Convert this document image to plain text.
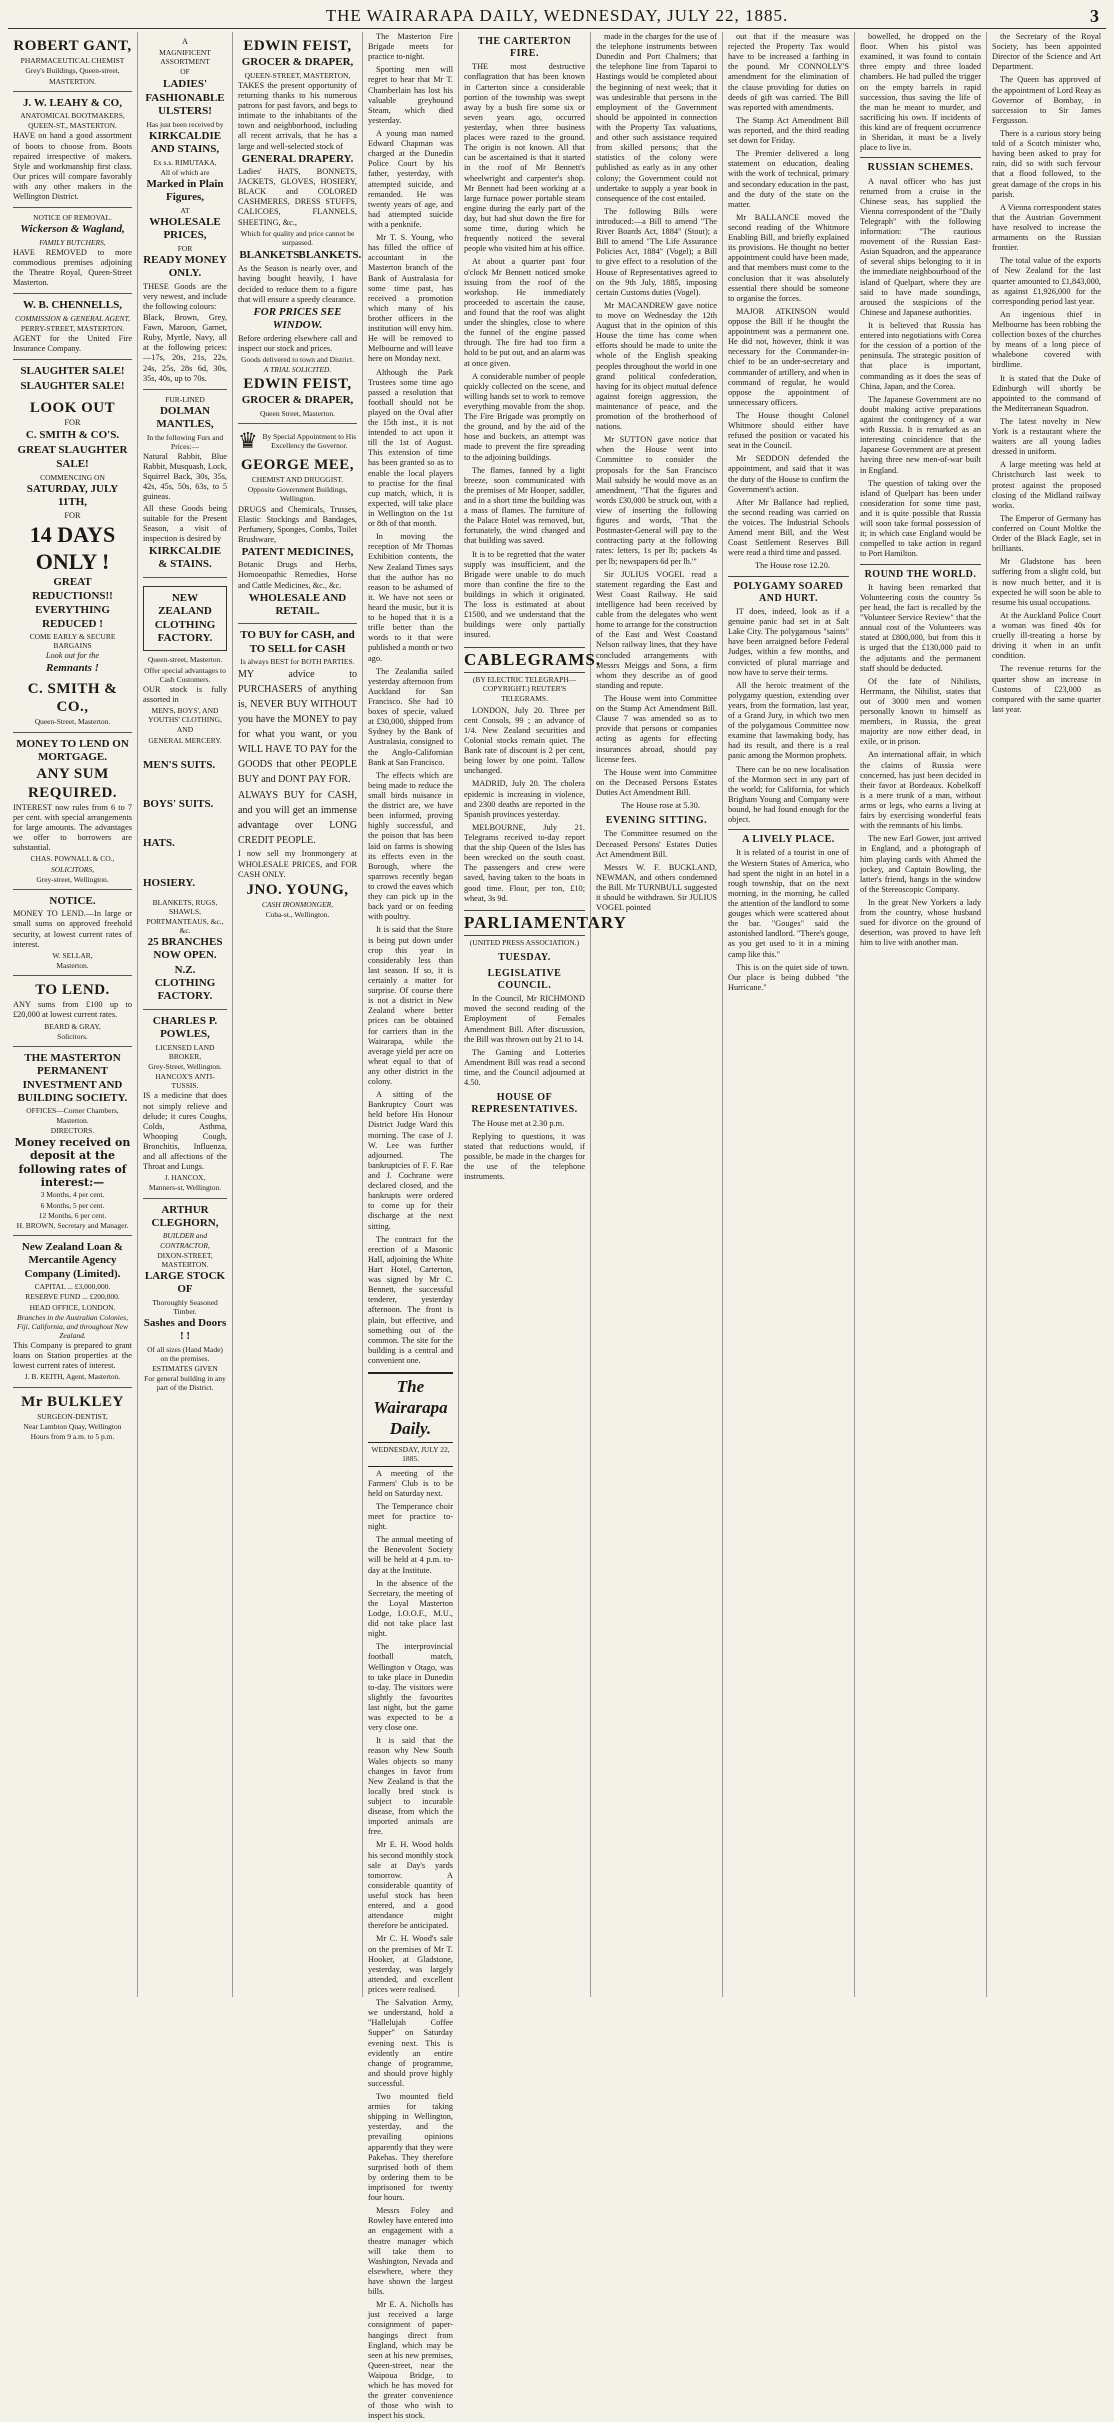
THE WAIRARAPA DAILY, WEDNESDAY, JULY 22, 1885.	3

ROBERT GANT,

PHARMACEUTICAL CHEMIST

Grey's Buildings, Queen-street,

MASTERTON.

J. W. LEAHY & CO,

ANATOMICAL BOOTMAKERS,

QUEEN-ST., MASTERTON.

HAVE on hand a good assortment of boots to choose from. Boots repaired irrespective of makers. Style and workmanship first class. Our prices will compare favorably with any other makers in the Wellington District.

NOTICE OF REMOVAL.

Wickerson & Wagland,

FAMILY BUTCHERS,

HAVE REMOVED to more commodious premises adjoining the Theatre Royal, Queen-Street Masterton.

W. B. CHENNELLS,

COMMISSION & GENERAL AGENT,

PERRY-STREET, MASTERTON.

AGENT for the United Fire Insurance Company.

SLAUGHTER SALE!

SLAUGHTER SALE!

LOOK OUT

FOR

C. SMITH & CO'S.

GREAT SLAUGHTER

SALE!

COMMENCING ON

SATURDAY, JULY 11TH,

FOR

14 DAYS ONLY !

GREAT REDUCTIONS!!

EVERYTHING REDUCED !

COME EARLY & SECURE BARGAINS

Look out for the

Remnants !

C. SMITH & CO.,

Queen-Street, Masterton.

MONEY TO LEND ON MORTGAGE.

ANY SUM REQUIRED.

INTEREST now rules from 6 to 7 per cent. with special arrangements for large amounts. The advantages we offer to borrowers are substantial.

CHAS. POWNALL & CO.,

SOLICITORS,

Grey-street, Wellington.

NOTICE.

MONEY TO LEND.—In large or small sums on approved freehold security, at lowest current rates of interest.

W. SELLAR,

Masterton.

TO LEND.

ANY sums from £100 up to £20,000 at lowest current rates.

BEARD & GRAY,

Solicitors.

THE MASTERTON PERMANENT INVESTMENT AND BUILDING SOCIETY.

OFFICES—Corner Chambers, Masterton.

DIRECTORS.

Money received on deposit at the following rates of interest:—

3 Months, 4 per cent.

6 Months, 5 per cent.

12 Months, 6 per cent.

H. BROWN, Secretary and Manager.

New Zealand Loan & Mercantile Agency Company (Limited).

CAPITAL ... £3,000,000.

RESERVE FUND ... £200,000.

HEAD OFFICE, LONDON.

Branches in the Australian Colonies, Fiji, California, and throughout New Zealand.

This Company is prepared to grant loans on Station properties at the lowest current rates of interest.

J. B. KEITH, Agent, Masterton.

Mr BULKLEY

SURGEON-DENTIST,

Near Lambton Quay, Wellington

Hours from 9 a.m. to 5 p.m.

A

MAGNIFICENT ASSORTMENT

OF

LADIES'

FASHIONABLE ULSTERS!

Has just been received by

KIRKCALDIE AND STAINS,

Ex s.s. RIMUTAKA,

All of which are

Marked in Plain Figures,

AT

WHOLESALE PRICES,

FOR

READY MONEY ONLY.

THESE Goods are the very newest, and include the following colours:

Black, Brown, Grey, Fawn, Maroon, Garnet, Ruby, Myrtle, Navy, all at the following prices:—17s, 20s, 21s, 22s, 24s, 25s, 28s 6d, 30s, 35s, 40s, up to 70s.

FUR-LINED

DOLMAN MANTLES,

In the following Furs and Prices:—

Natural Rabbit, Blue Rabbit, Musquash, Lock, Squirrel Back, 30s, 35s, 42s, 45s, 50s, 63s, to 5 guineas.

All these Goods being suitable for the Present Season, a visit of inspection is desired by

KIRKCALDIE & STAINS.

NEW ZEALAND CLOTHING FACTORY.

Queen-street, Masterton.

Offer special advantages to Cash Customers.

OUR stock is fully assorted in

MEN'S, BOYS', AND YOUTHS' CLOTHING,

AND

GENERAL MERCERY.

MEN'S SUITS.

BOYS' SUITS.

HATS.

HOSIERY.

BLANKETS, RUGS, SHAWLS, PORTMANTEAUS, &c., &c.

25 BRANCHES NOW OPEN.

N.Z. CLOTHING FACTORY.

CHARLES P. POWLES,

LICENSED LAND BROKER,

Grey-Street, Wellington.

HANCOX'S ANTI-TUSSIS.

IS a medicine that does not simply relieve and delude; it cures Coughs, Colds, Asthma, Whooping Cough, Bronchitis, Influenza, and all affections of the Throat and Lungs.

J. HANCOX,

Manners-st, Wellington.

ARTHUR CLEGHORN,

BUILDER and CONTRACTOR,

DIXON-STREET, MASTERTON.

LARGE STOCK OF

Thoroughly Seasoned Timber.

Sashes and Doors ! !

Of all sizes (Hand Made) on the premises.

ESTIMATES GIVEN

For general building in any part of the District.

EDWIN FEIST,

GROCER & DRAPER,

QUEEN-STREET, MASTERTON,

TAKES the present opportunity of returning thanks to his numerous patrons for past favors, and begs to intimate to the inhabitants of the town and neighborhood, including all recent arrivals, that he has a large and well-selected stock of

GENERAL DRAPERY.

Ladies' HATS, BONNETS, JACKETS, GLOVES, HOSIERY, BLACK and COLORED CASHMERES, DRESS STUFFS, CALICOES, FLANNELS, SHEETING, &c.,

Which for quality and price cannot be surpassed.

BLANKETS.

BLANKETS.

As the Season is nearly over, and having bought heavily, I have decided to reduce them to a figure that will ensure a speedy clearance.

FOR PRICES SEE WINDOW.

Before ordering elsewhere call and inspect our stock and prices.

Goods delivered to town and District.

A TRIAL SOLICITED.

EDWIN FEIST,

GROCER & DRAPER,

Queen Street, Masterton.

♛ By Special Appointment to His Excellency the Governor.

GEORGE MEE,

CHEMIST AND DRUGGIST.

Opposite Government Buildings, Wellington.

DRUGS and Chemicals, Trusses, Elastic Stockings and Bandages, Perfumery, Sponges, Combs, Toilet Brushware,

PATENT MEDICINES,

Botanic Drugs and Herbs, Homoeopathic Remedies, Horse and Cattle Medicines, &c., &c.

WHOLESALE AND RETAIL.

TO BUY for CASH, and TO SELL for CASH

Is always BEST for BOTH PARTIES.

MY advice to PURCHASERS of anything is, NEVER BUY WITHOUT you have the MONEY to pay for what you want, or you WILL HAVE TO PAY for the GOODS that other PEOPLE BUY and DONT PAY FOR.

ALWAYS BUY for CASH, and you will get an immense advantage over LONG CREDIT PEOPLE.

I now sell my Ironmongery at WHOLESALE PRICES, and FOR CASH ONLY.

JNO. YOUNG,

CASH IRONMONGER,

Cuba-st., Wellington.

The Masterton Fire Brigade meets for practice to-night.

Sporting men will regret to hear that Mr T. Chamberlain has lost his valuable greyhound Steam, which died yesterday.

A young man named Edward Chapman was charged at the Dunedin Police Court by his father, yesterday, with attempted suicide, and remanded. He was twenty years of age, and had attempted suicide with a penknife.

Mr T. S. Young, who has filled the office of accountant in the Masterton branch of the Bank of Australasia for some time past, has received a promotion which many of his brother officers in the institution will envy him. He will be removed to Melbourne and will leave here on Monday next.

Although the Park Trustees some time ago passed a resolution that football should not be played on the Oval after the 15th inst., it is not intended to act upon it till the 1st of August. This extension of time has been granted so as to enable the local players to practise for the final cup match, which, it is expected, will take place in Wellington on the 1st or 8th of that month.

In moving the reception of Mr Thomas Exhibition contents, the New Zealand Times says that the author has no reason to be ashamed of it. We have not seen or heard the music, but it is to be hoped that it is a trifle better than the words to it that were published a month or two ago.

The Zealandia sailed yesterday afternoon from Auckland for San Francisco. She had 10 boxes of specie, valued at £30,000, shipped from Sydney by the Bank of Australasia, consigned to the Anglo-Californian Bank at San Francisco.

The effects which are being made to reduce the small birds nuisance in the district are, we have been informed, proving highly successful, and the poison that has been laid on farms is showing its effects even in the Borough, where the sparrows recently began to crowd the eaves which they can pick up in the back yard or on feeding with poultry.

It is said that the Store is being put down under crop this year in considerably less than last season. If so, it is certainly a matter for surprise. Of course there is not a district in New Zealand where better prices can be obtained for carriers than in the Wairarapa, while the average yield per acre on wheat equal to that of any other district in the colony.

A sitting of the Bankruptcy Court was held before His Honour District Judge Ward this morning. The case of J. W. Lee was further adjourned. The bankruptcies of F. F. Rae and J. Cochrane were declared closed, and the bankrupts were ordered to come up for their discharge at the next sitting.

The contract for the erection of a Masonic Hall, adjoining the White Hart Hotel, Carterton, was signed by Mr C. Bennett, the successful tenderer, yesterday afternoon. The front is plain, but effective, and something out of the common. The site for the building is a central and convenient one.

The Wairarapa Daily.
WEDNESDAY, JULY 22, 1885.

A meeting of the Farmers' Club is to be held on Saturday next.

The Temperance choir meet for practice to-night.

The annual meeting of the Benevolent Society will be held at 4 p.m. to-day at the Institute.

In the absence of the Secretary, the meeting of the Loyal Masterton Lodge, I.O.O.F., M.U., did not take place last night.

The interprovincial football match, Wellington v Otago, was to take place in Dunedin to-day. The visitors were slightly the favourites last night, but the game was expected to be a very close one.

It is said that the reason why New South Wales objects so many changes in favor from New Zealand is that the locally bred stock is subject to incurable disease, from which the imported animals are free.

Mr E. H. Wood holds his second monthly stock sale at Day's yards tomorrow. A considerable quantity of useful stock has been entered, and a good attendance might therefore be anticipated.

Mr C. H. Wood's sale on the premises of Mr T. Hooker, at Gladstone, yesterday, was largely attended, and excellent prices were realised.

The Salvation Army, we understand, hold a "Hallelujah Coffee Supper" on Saturday evening next. This is evidently an entire change of programme, and should prove highly successful.

Two mounted field armies for taking shipping in Wellington, yesterday, and the prevailing opinions apparently that they were Pakehas. They therefore surprised both of them by ordering them to be imprisoned for twenty four hours.

Messrs Foley and Rowley have entered into an engagement with a theatre manager which will take them to Washington, Nevada and elsewhere, where they have shown the largest bills.

Mr E. A. Nicholls has just received a large consignment of paper-hangings direct from England, which may be seen at his new premises, Queen-street, near the Waipoua Bridge, to which he has moved for the greater convenience of those who wish to inspect his stock.

THE CARTERTON FIRE.

THE most destructive conflagration that has been known in Carterton since a considerable portion of the township was swept away by a bush fire some six or seven years ago, occurred yesterday, when three business places were razed to the ground. The origin is not known. All that can be ascertained is that it started in the roof of Mr Bennett's wheelwright and carpenter's shop. Mr Bennett had been working at a large furnace power portable steam engine during the early part of the day, but had shut down the fire for some time, during which he frequently noticed the several people who visited him at his office.

At about a quarter past four o'clock Mr Bennett noticed smoke issuing from the roof of the workshop. He immediately proceeded to ascertain the cause, and found that the roof was alight under the shingles, close to where the funnel of the engine passed through. The fire had too firm a hold to be put out, and an alarm was at once given.

A considerable number of people quickly collected on the scene, and willing hands set to work to remove everything movable from the shop. The Fire Brigade was promptly on the ground, and by the aid of the hose and buckets, an attempt was made to prevent the fire spreading to the adjoining buildings.

The flames, fanned by a light breeze, soon communicated with the premises of Mr Hooper, saddler, and in a short time the building was a mass of flames. The furniture of the Palace Hotel was removed, but, fortunately, the wind changed and that building was saved.

It is to be regretted that the water supply was insufficient, and the Brigade were unable to do much more than confine the fire to the buildings in which it originated. The loss is estimated at about £1500, and we understand that the buildings were only partially insured.

CABLEGRAMS.
(BY ELECTRIC TELEGRAPH—COPYRIGHT.) REUTER'S TELEGRAMS.

LONDON, July 20. Three per cent Consols, 99 ; an advance of 1/4. New Zealand securities and Colonial stocks remain quiet. The Bank rate of discount is 2 per cent, being lower by one point. Tallow unchanged.

MADRID, July 20. The cholera epidemic is increasing in violence, and 2300 deaths are reported in the Spanish provinces yesterday.

MELBOURNE, July 21. Telegrams received to-day report that the ship Queen of the Isles has been wrecked on the south coast. The passengers and crew were saved, having taken to the boats in good time. Flour, per ton, £10; wheat, 3s 9d.

PARLIAMENTARY
(UNITED PRESS ASSOCIATION.)
TUESDAY.
LEGISLATIVE COUNCIL.

In the Council, Mr RICHMOND moved the second reading of the Employment of Females Amendment Bill. After discussion, the Bill was thrown out by 21 to 14.

The Gaming and Lotteries Amendment Bill was read a second time, and the Council adjourned at 4.50.

HOUSE OF REPRESENTATIVES.

The House met at 2.30 p.m.

Replying to questions, it was stated that reductions would, if possible, be made in the charges for the use of the telephone instruments.

made in the charges for the use of the telephone instruments between Dunedin and Port Chalmers; that the telephone line from Taparoi to Hastings would be completed about the beginning of next week; that it was undesirable that persons in the employment of the Government should be appointed in connection with the Property Tax valuations, and other such assistance required from skilled persons; that the statistics of the colony were published as early as in any other colony; the Government could not undertake to supply a year book in consequence of the cost entailed.

The following Bills were introduced:—a Bill to amend "The River Boards Act, 1884" (Stout); a Bill to amend "The Life Assurance Policies Act, 1884" (Vogel); a Bill to give effect to a resolution of the House of Representatives agreed to on the 9th July, 1885, imposing certain Customs duties (Vogel).

Mr MACANDREW gave notice to move on Wednesday the 12th August that in the opinion of this House the time has come when efforts should be made to unite the whole of the English speaking peoples throughout the world in one grand political confederation, having for its object mutual defence against foreign aggression, the maintenance of peace, and the promotion of the brotherhood of nations.

Mr SUTTON gave notice that when the House went into Committee to consider the proposals for the San Francisco Mail subsidy he would move as an amendment, "That the figures and words £30,000 be struck out, with a view of inserting the following figures and words, 'That the Postmaster-General will pay to the contracting party at the following rates: letters, 1s per lb; packets 4s per lb; newspapers 6d per lb.'"

Sir JULIUS VOGEL read a statement regarding the East and West Coast Railway. He said intelligence had been received by cable from the delegates who went home to arrange for the construction of the East and West Coastand Nelson railway lines, that they have concluded arrangements with Messrs Meiggs and Sons, a firm whom they describe as of good standing and repute.

The House went into Committee on the Stamp Act Amendment Bill. Clause 7 was amended so as to provide that persons or companies acting as agents for effecting insurances abroad, should pay license fees.

The House went into Committee on the Deceased Persons Estates Duties Act Amendment Bill.

The House rose at 5.30.

EVENING SITTING.

The Committee resumed on the Deceased Persons' Estates Duties Act Amendment Bill.

Messrs W. F. BUCKLAND, NEWMAN, and others condemned the Bill. Mr TURNBULL suggested it should be withdrawn. Sir JULIUS VOGEL pointed

out that if the measure was rejected the Property Tax would have to be increased a farthing in the pound. Mr CONNOLLY'S amendment for the elimination of the clause providing for duties on deeds of gift was carried. The Bill was reported with amendments.

The Stamp Act Amendment Bill was reported, and the third reading set down for Friday.

The Premier delivered a long statement on education, dealing with the work of technical, primary and secondary education in the past, and the duty of the state on the matter.

Mr BALLANCE moved the second reading of the Whitmore Enabling Bill, and briefly explained its provisions. He thought no better appointment could have been made, and that members must come to the conclusion that it was absolutely essential there should be someone to organise the forces.

MAJOR ATKINSON would oppose the Bill if he thought the appointment was a permanent one. He did not, however, think it was necessary for the Commander-in-chief to be an under-secretary and commander of artillery, and when in command of regular, he would oppose the appointment of unnecessary officers.

The House thought Colonel Whitmore should either have refused the position or vacated his seat in the Council.

Mr SEDDON defended the appointment, and said that it was the duty of the House to confirm the Government's action.

After Mr Ballance had replied, the second reading was carried on the voices. The Industrial Schools Amend ment Bill, and the West Coast Settlement Reserves Bill were read a third time and passed.

The House rose 12.20.

POLYGAMY SOARED AND HURT.

IT does, indeed, look as if a genuine panic had set in at Salt Lake City. The polygamous "saints" have been arraigned before Federal Judges, within a few months, and convicted of plural marriage and now have to serve their terms.

All the heroic treatment of the polygamy question, extending over years, from the formation, last year, of a Grand Jury, in which two men of the polygamous Committee now examine that lawmaking body, has had its result, and there is a real panic among the Mormon prophets.

There can be no new localisation of the Mormon sect in any part of the world; for California, for which Brigham Young and Company were bound, he had found enough for the object.

A LIVELY PLACE.

It is related of a tourist in one of the Western States of America, who had spent the night in an hotel in a rough township, that on the next morning, in the morning, he called the attention of the landlord to some gouges which were scattered about the bar. "Gouges" said the astonished landlord. "There's gouge, as you get used to it in a mining camp like this."

This is on the quiet side of town. Our place is being dubbed "the Hurricane."

bowelled, he dropped on the floor. When his pistol was examined, it was found to contain three empty and three loaded chambers. He had pulled the trigger on the empty barrels in rapid succession, thus saving the life of the man he meant to murder, and sacrificing his own. If incidents of this kind are of frequent occurrence in Sheridan, it must be a lively place to live in.

RUSSIAN SCHEMES.

A naval officer who has just returned from a cruise in the Chinese seas, has supplied the Vienna correspondent of the "Daily Telegraph" with the following information: "The cautious movement of the Russian East-Asian Squadron, and the appearance of several ships belonging to it in the immediate neighbourhood of the island of Quelpart, where they are said to have made soundings, aroused the suspicions of the Chinese and Japanese authorities.

It is believed that Russia has entered into negotiations with Corea for the cession of a portion of the peninsula. The strategic position of that place is important, commanding as it does the seas of China, Japan, and the Corea.

The Japanese Government are no doubt making active preparations against the contingency of a war with Russia. It is remarked as an interesting coincidence that the Japanese Government are at present having three new men-of-war built in England.

The question of taking over the island of Quelpart has been under consideration for some time past, and it is quite possible that Russia will soon take formal possession of it; in which case England would be compelled to take action in regard to Port Hamilton.

ROUND THE WORLD.

It having been remarked that Volunteering costs the country 5s per head, the fact is recalled by the "Volunteer Service Review" that the annual cost of the Volunteers was stated at £800,000, but from this it is urged that the £130,000 paid to the adjutants and the permanent staff should be deducted.

Of the fate of Nihilists, Herrmann, the Nihilist, states that out of 3000 men and women personally known to himself as members, in Russia, the great majority are now either dead, in exile, or in prison.

An international affair, in which the claims of Russia were concerned, has just been decided in their favor at Bordeaux. Kobelkoff is a mere trunk of a man, without arms or legs, who earns a living at fairs by exercising wonderful feats with the remnants of his limbs.

The new Earl Gower, just arrived in England, and a photograph of him playing cards with Ahmed the jockey, and Captain Bowling, the latter's friend, hangs in the window of the Stereoscopic Company.

In the great New Yorkers a lady from the country, whose husband sued for divorce on the ground of desertion, was proved to have left him to live with another man.

the Secretary of the Royal Society, has been appointed Director of the Science and Art Department.

The Queen has approved of the appointment of Lord Reay as Governor of Bombay, in succession to Sir James Fergusson.

There is a curious story being told of a Scotch minister who, having been asked to pray for rain, did so with such fervour that a flood followed, to the great damage of the crops in his parish.

A Vienna correspondent states that the Austrian Government have resolved to increase the armaments on the Russian frontier.

The total value of the exports of New Zealand for the last quarter amounted to £1,843,000, as against £1,926,000 for the corresponding period last year.

An ingenious thief in Melbourne has been robbing the collection boxes of the churches by means of a long piece of whalebone covered with birdlime.

It is stated that the Duke of Edinburgh will shortly be appointed to the command of the Mediterranean Squadron.

The latest novelty in New York is a restaurant where the waiters are all young ladies dressed in uniform.

A large meeting was held at Christchurch last week to protest against the proposed closing of the Midland railway works.

The Emperor of Germany has conferred on Count Moltke the Order of the Black Eagle, set in brilliants.

Mr Gladstone has been suffering from a slight cold, but is now much better, and it is expected he will soon be able to resume his usual occupations.

At the Auckland Police Court a woman was fined 40s for cruelly ill-treating a horse by driving it when in an unfit condition.

The revenue returns for the quarter show an increase in Customs of £23,000 as compared with the same quarter last year.
